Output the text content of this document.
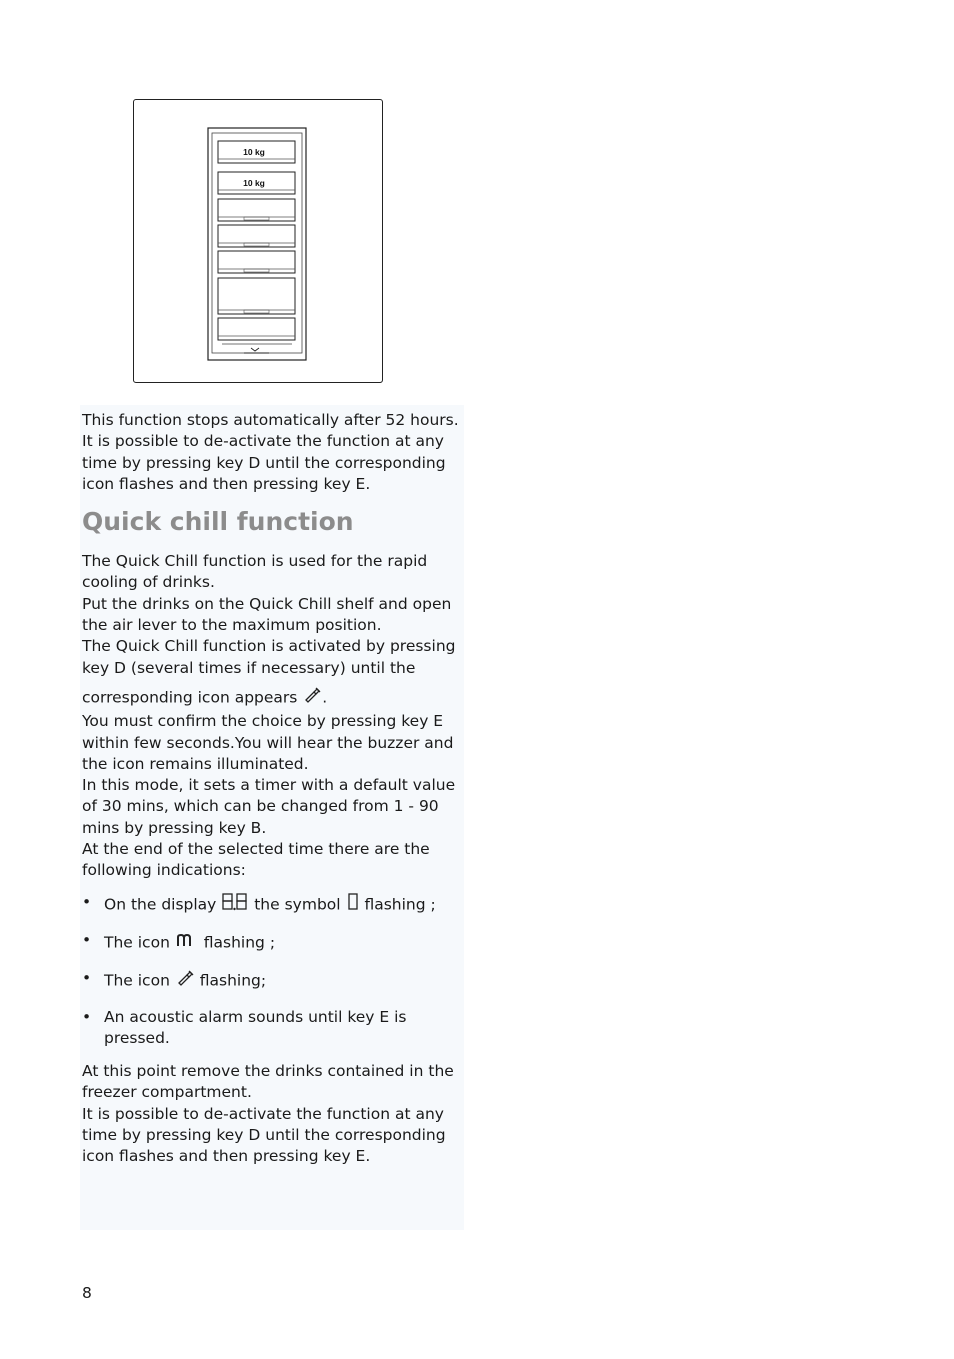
10 kg
10 kg

This function stops automatically after 52 hours.

It is possible to de-activate the function at any time by pressing key D until the corresponding icon flashes and then pressing key E.

Quick chill function

The Quick Chill function is used for the rapid cooling of drinks.

Put the drinks on the Quick Chill shelf and open the air lever to the maximum position.

The Quick Chill function is activated by pressing key D (several times if necessary) until the

corresponding icon appears .

You must confirm the choice by pressing key E within few seconds.You will hear the buzzer and the icon remains illuminated.

In this mode, it sets a timer with a default value of 30 mins, which can be changed from 1 - 90 mins by pressing key B.

At the end of the selected time there are the following indications:

• On the display the symbol flashing ;
• The icon flashing ;
• The icon flashing;
• An acoustic alarm sounds until key E is pressed.

At this point remove the drinks contained in the freezer compartment.

It is possible to de-activate the function at any time by pressing key D until the corresponding icon flashes and then pressing key E.

8
